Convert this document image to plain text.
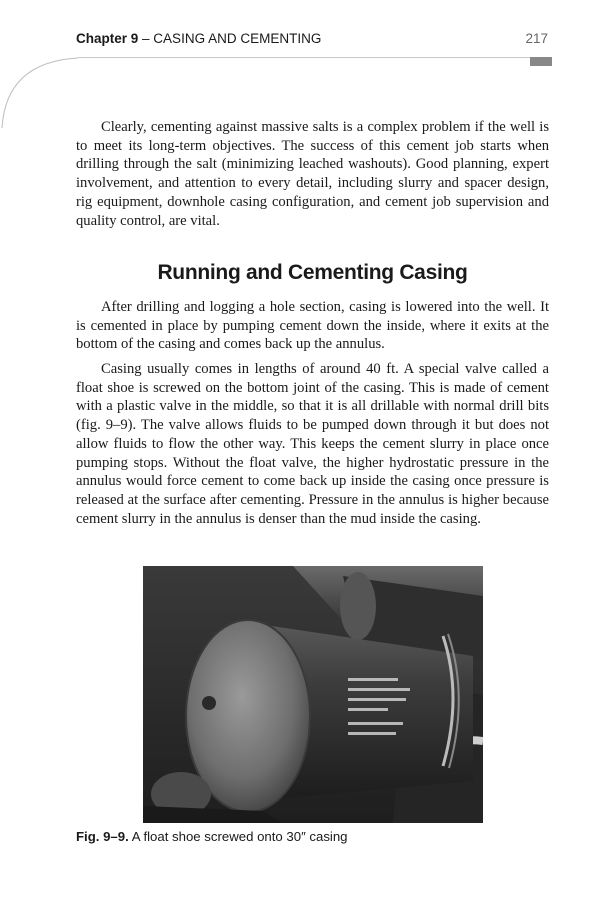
Chapter 9 – CASING AND CEMENTING	217

Clearly, cementing against massive salts is a complex problem if the well is to meet its long-term objectives. The success of this cement job starts when drilling through the salt (minimizing leached washouts). Good planning, expert involvement, and attention to every detail, including slurry and spacer design, rig equipment, downhole casing configuration, and cement job supervision and quality control, are vital.

Running and Cementing Casing

After drilling and logging a hole section, casing is lowered into the well. It is cemented in place by pumping cement down the inside, where it exits at the bottom of the casing and comes back up the annulus.

Casing usually comes in lengths of around 40 ft. A special valve called a float shoe is screwed on the bottom joint of the casing. This is made of cement with a plastic valve in the middle, so that it is all drillable with normal drill bits (fig. 9–9). The valve allows fluids to be pumped down through it but does not allow fluids to flow the other way. This keeps the cement slurry in place once pumping stops. Without the float valve, the higher hydrostatic pressure in the annulus would force cement to come back up inside the casing once pressure is released at the surface after cementing. Pressure in the annulus is higher because cement slurry in the annulus is denser than the mud inside the casing.

Fig. 9–9. A float shoe screwed onto 30″ casing
